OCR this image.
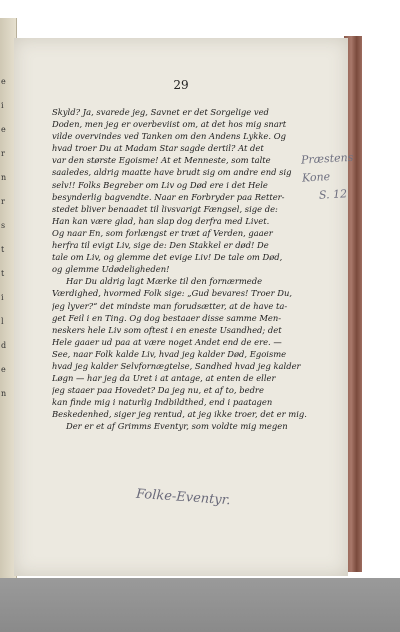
e
i
e
r
n
r
s
t
t
i
l
d
e
n
29
Skyld? Ja, svarede jeg, Savnet er det Sorgelige ved
Doden, men jeg er overbeviist om, at det hos mig snart
vilde overvindes ved Tanken om den Andens Lykke. Og
hvad troer Du at Madam Star sagde dertil? At det
var den største Egoisme! At et Menneste, som talte
saaledes, aldrig maatte have brudt sig om andre end sig
selv!! Folks Begreber om Liv og Død ere i det Hele
besynderlig bagvendte. Naar en Forbryder paa Retter-
stedet bliver benaadet til livsvarigt Fængsel, sige de:
Han kan være glad, han slap dog derfra med Livet.
Og naar En, som forlængst er træt af Verden, gaaer
herfra til evigt Liv, sige de: Den Stakkel er død! De
tale om Liv, og glemme det evige Liv! De tale om Død,
og glemme Udødeligheden!
Har Du aldrig lagt Mærke til den fornærmede
Værdighed, hvormed Folk sige: „Gud bevares! Troer Du,
jeg lyver?“ det mindste man forudsætter, at de have ta-
get Feil i en Ting. Og dog bestaaer disse samme Men-
neskers hele Liv som oftest i en eneste Usandhed; det
Hele gaaer ud paa at være noget Andet end de ere. —
See, naar Folk kalde Liv, hvad jeg kalder Død, Egoisme
hvad jeg kalder Selvfornægtelse, Sandhed hvad jeg kalder
Løgn — har jeg da Uret i at antage, at enten de eller
jeg staaer paa Hovedet? Da jeg nu, et af to, bedre
kan finde mig i naturlig Indbildthed, end i paatagen
Beskedenhed, siger jeg rentud, at jeg ikke troer, det er mig.
Der er et af Grimms Eventyr, som voldte mig megen
Folke-Eventyr.
Præstens
Kone
S. 12
